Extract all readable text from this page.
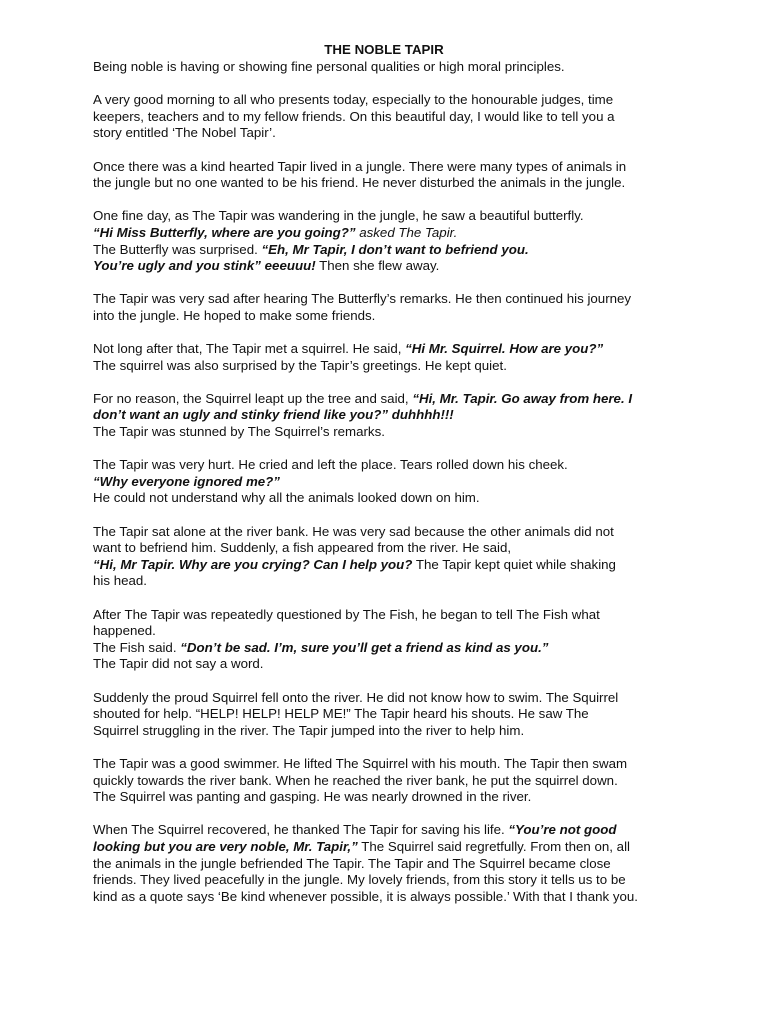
THE NOBLE TAPIR

Being noble is having or showing fine personal qualities or high moral principles.

A very good morning to all who presents today, especially to the honourable judges, time
keepers, teachers and to my fellow friends. On this beautiful day, I would like to tell you a
story entitled ‘The Nobel Tapir’.

Once there was a kind hearted Tapir lived in a jungle. There were many types of animals in
the jungle but no one wanted to be his friend. He never disturbed the animals in the jungle.

One fine day, as The Tapir was wandering in the jungle, he saw a beautiful butterfly.
“Hi Miss Butterfly, where are you going?” asked The Tapir.
The Butterfly was surprised. “Eh, Mr Tapir, I don’t want to befriend you.
You’re ugly and you stink” eeeuuu! Then she flew away.

The Tapir was very sad after hearing The Butterfly’s remarks. He then continued his journey
into the jungle. He hoped to make some friends.

Not long after that, The Tapir met a squirrel. He said, “Hi Mr. Squirrel. How are you?”
The squirrel was also surprised by the Tapir’s greetings. He kept quiet.

For no reason, the Squirrel leapt up the tree and said, “Hi, Mr. Tapir. Go away from here. I
don’t want an ugly and stinky friend like you?” duhhhh!!!
The Tapir was stunned by The Squirrel’s remarks.

The Tapir was very hurt. He cried and left the place. Tears rolled down his cheek.
“Why everyone ignored me?”
He could not understand why all the animals looked down on him.

The Tapir sat alone at the river bank. He was very sad because the other animals did not
want to befriend him. Suddenly, a fish appeared from the river. He said,
“Hi, Mr Tapir. Why are you crying? Can I help you? The Tapir kept quiet while shaking
his head.

After The Tapir was repeatedly questioned by The Fish, he began to tell The Fish what
happened.
The Fish said. “Don’t be sad. I’m, sure you’ll get a friend as kind as you.”
The Tapir did not say a word.

Suddenly the proud Squirrel fell onto the river. He did not know how to swim. The Squirrel
shouted for help. “HELP! HELP! HELP ME!” The Tapir heard his shouts. He saw The
Squirrel struggling in the river. The Tapir jumped into the river to help him.

The Tapir was a good swimmer. He lifted The Squirrel with his mouth. The Tapir then swam
quickly towards the river bank. When he reached the river bank, he put the squirrel down.
The Squirrel was panting and gasping. He was nearly drowned in the river.

When The Squirrel recovered, he thanked The Tapir for saving his life. “You’re not good
looking but you are very noble, Mr. Tapir,” The Squirrel said regretfully. From then on, all
the animals in the jungle befriended The Tapir. The Tapir and The Squirrel became close
friends. They lived peacefully in the jungle. My lovely friends, from this story it tells us to be
kind as a quote says ‘Be kind whenever possible, it is always possible.’ With that I thank you.
